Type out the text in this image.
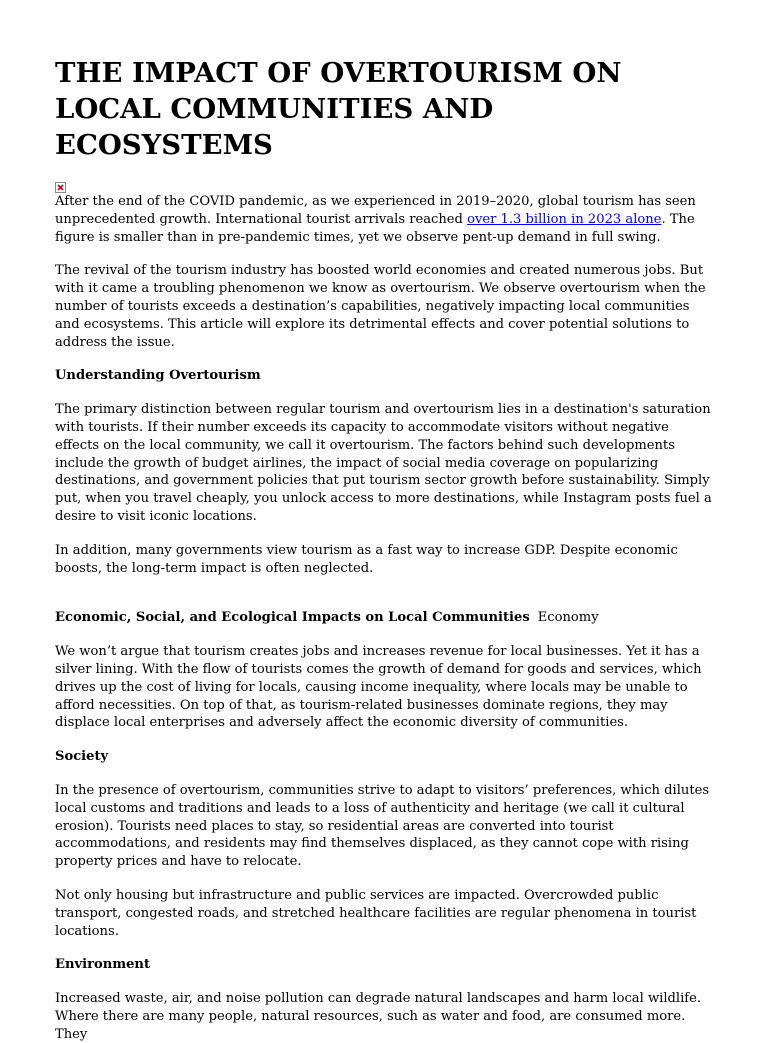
THE IMPACT OF OVERTOURISM ON LOCAL COMMUNITIES AND ECOSYSTEMS

After the end of the COVID pandemic, as we experienced in 2019–2020, global tourism has seen unprecedented growth. International tourist arrivals reached over 1.3 billion in 2023 alone. The figure is smaller than in pre-pandemic times, yet we observe pent-up demand in full swing.

The revival of the tourism industry has boosted world economies and created numerous jobs. But with it came a troubling phenomenon we know as overtourism. We observe overtourism when the number of tourists exceeds a destination’s capabilities, negatively impacting local communities and ecosystems. This article will explore its detrimental effects and cover potential solutions to address the issue.

Understanding Overtourism

The primary distinction between regular tourism and overtourism lies in a destination's saturation with tourists. If their number exceeds its capacity to accommodate visitors without negative effects on the local community, we call it overtourism. The factors behind such developments include the growth of budget airlines, the impact of social media coverage on popularizing destinations, and government policies that put tourism sector growth before sustainability. Simply put, when you travel cheaply, you unlock access to more destinations, while Instagram posts fuel a desire to visit iconic locations.

In addition, many governments view tourism as a fast way to increase GDP. Despite economic boosts, the long-term impact is often neglected.

Economic, Social, and Ecological Impacts on Local Communities Economy

We won’t argue that tourism creates jobs and increases revenue for local businesses. Yet it has a silver lining. With the flow of tourists comes the growth of demand for goods and services, which drives up the cost of living for locals, causing income inequality, where locals may be unable to afford necessities. On top of that, as tourism-related businesses dominate regions, they may displace local enterprises and adversely affect the economic diversity of communities.

Society

In the presence of overtourism, communities strive to adapt to visitors’ preferences, which dilutes local customs and traditions and leads to a loss of authenticity and heritage (we call it cultural erosion). Tourists need places to stay, so residential areas are converted into tourist accommodations, and residents may find themselves displaced, as they cannot cope with rising property prices and have to relocate.

Not only housing but infrastructure and public services are impacted. Overcrowded public transport, congested roads, and stretched healthcare facilities are regular phenomena in tourist locations.

Environment

Increased waste, air, and noise pollution can degrade natural landscapes and harm local wildlife. Where there are many people, natural resources, such as water and food, are consumed more. They
